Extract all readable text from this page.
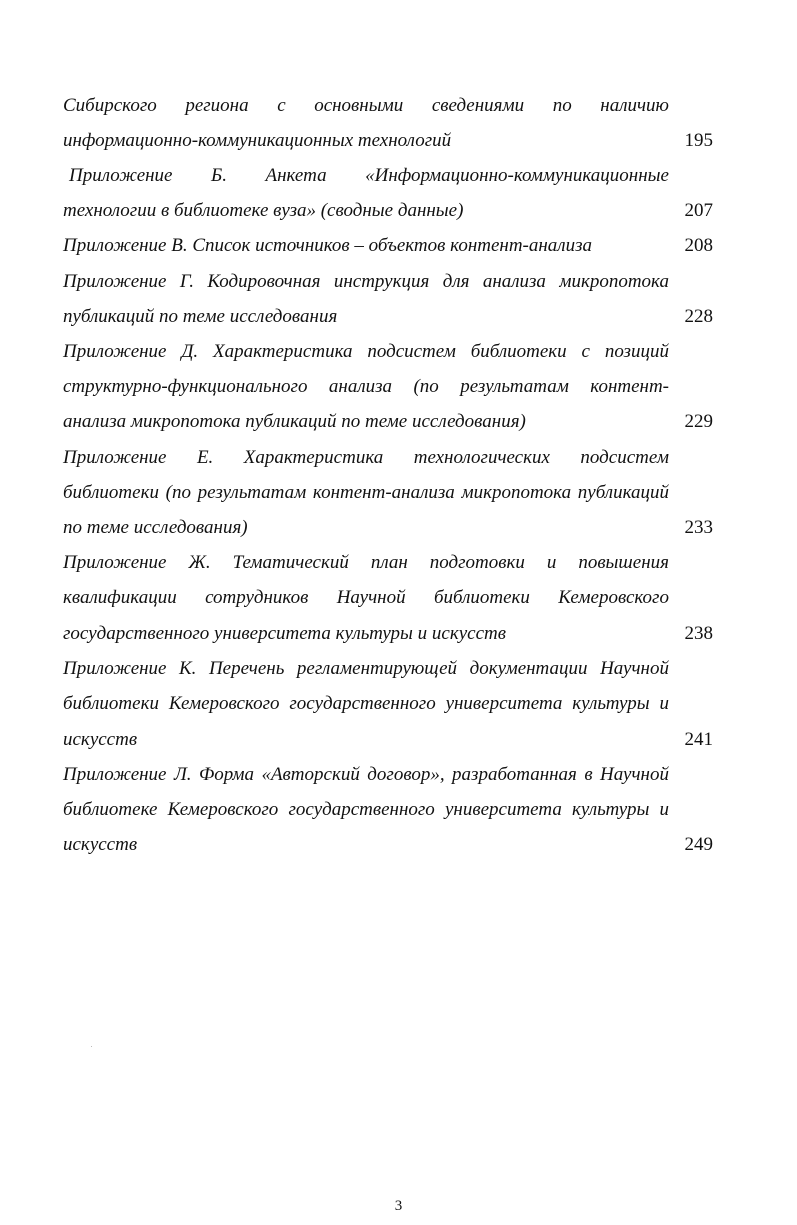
Сибирского региона с основными сведениями по наличию
информационно-коммуникационных технологий	195
Приложение Б. Анкета «Информационно-коммуникационные
технологии в библиотеке вуза» (сводные данные)	207
Приложение В. Список источников – объектов контент-анализа	208
Приложение Г. Кодировочная инструкция для анализа микропотока
публикаций по теме исследования	228
Приложение Д. Характеристика подсистем библиотеки с позиций
структурно-функционального анализа (по результатам контент-
анализа микропотока публикаций по теме исследования)	229
Приложение Е. Характеристика технологических подсистем
библиотеки (по результатам контент-анализа микропотока публикаций
по теме исследования)	233
Приложение Ж. Тематический план подготовки и повышения
квалификации сотрудников Научной библиотеки Кемеровского
государственного университета культуры и искусств	238
Приложение К. Перечень регламентирующей документации Научной
библиотеки Кемеровского государственного университета культуры и
искусств	241
Приложение Л. Форма «Авторский договор», разработанная в Научной
библиотеке Кемеровского государственного университета культуры и
искусств	249
3
